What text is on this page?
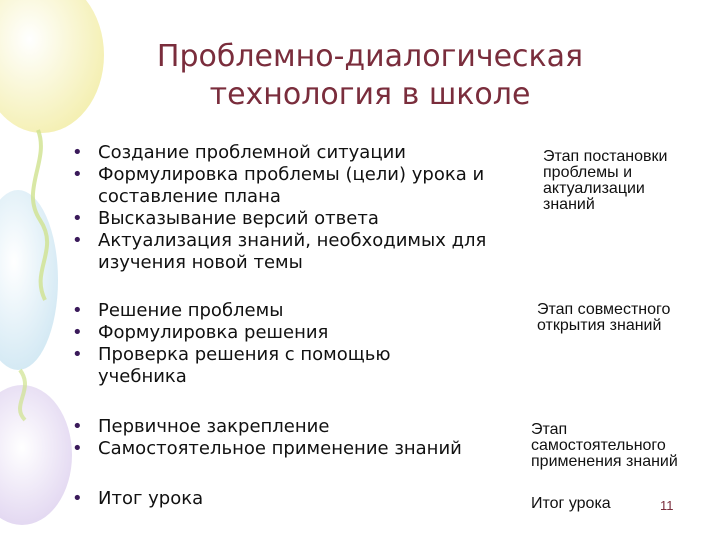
Проблемно-диалогическая
технология в школе
• Создание проблемной ситуации
• Формулировка проблемы (цели) урока и составление плана
• Высказывание версий ответа
• Актуализация знаний, необходимых для изучения новой темы
Этап постановки
проблемы и
актуализации
знаний
• Решение проблемы
• Формулировка решения
• Проверка решения с помощью учебника
Этап совместного
открытия знаний
• Первичное закрепление
• Самостоятельное применение знаний
Этап
самостоятельного
применения знаний
• Итог урока	Итог урока	11
